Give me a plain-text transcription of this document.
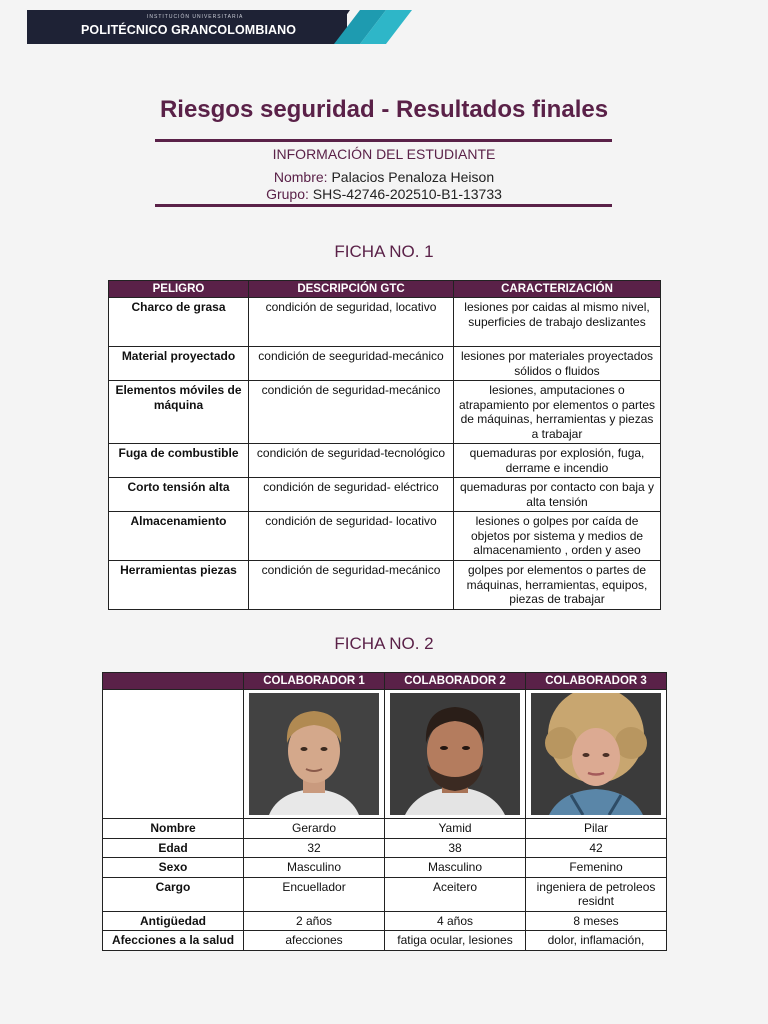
INSTITUCIÓN UNIVERSITARIA
POLITÉCNICO GRANCOLOMBIANO
Riesgos seguridad - Resultados finales
INFORMACIÓN DEL ESTUDIANTE
Nombre: Palacios Penaloza Heison
Grupo: SHS-42746-202510-B1-13733
FICHA NO. 1
PELIGRO	DESCRIPCIÓN GTC	CARACTERIZACIÓN
Charco de grasa	condición de seguridad, locativo	lesiones por caidas al mismo nivel, superficies de trabajo deslizantes
Material proyectado	condición de seeguridad-mecánico	lesiones por materiales proyectados sólidos o fluidos
Elementos móviles de máquina	condición de seguridad-mecánico	lesiones, amputaciones o atrapamiento por elementos o partes de máquinas, herramientas y piezas a trabajar
Fuga de combustible	condición de seguridad-tecnológico	quemaduras por explosión, fuga, derrame e incendio
Corto tensión alta	condición de seguridad- eléctrico	quemaduras por contacto con baja y alta tensión
Almacenamiento	condición de seguridad- locativo	lesiones o golpes por caída de objetos por sistema y medios de almacenamiento , orden y aseo
Herramientas piezas	condición de seguridad-mecánico	golpes por elementos o partes de máquinas, herramientas, equipos, piezas de trabajar
FICHA NO. 2
	COLABORADOR 1	COLABORADOR 2	COLABORADOR 3

Nombre	Gerardo	Yamid	Pilar
Edad	32	38	42
Sexo	Masculino	Masculino	Femenino
Cargo	Encuellador	Aceitero	ingeniera de petroleos residnt
Antigüedad	2 años	4 años	8 meses
Afecciones a la salud	afecciones	fatiga ocular, lesiones	dolor, inflamación,
